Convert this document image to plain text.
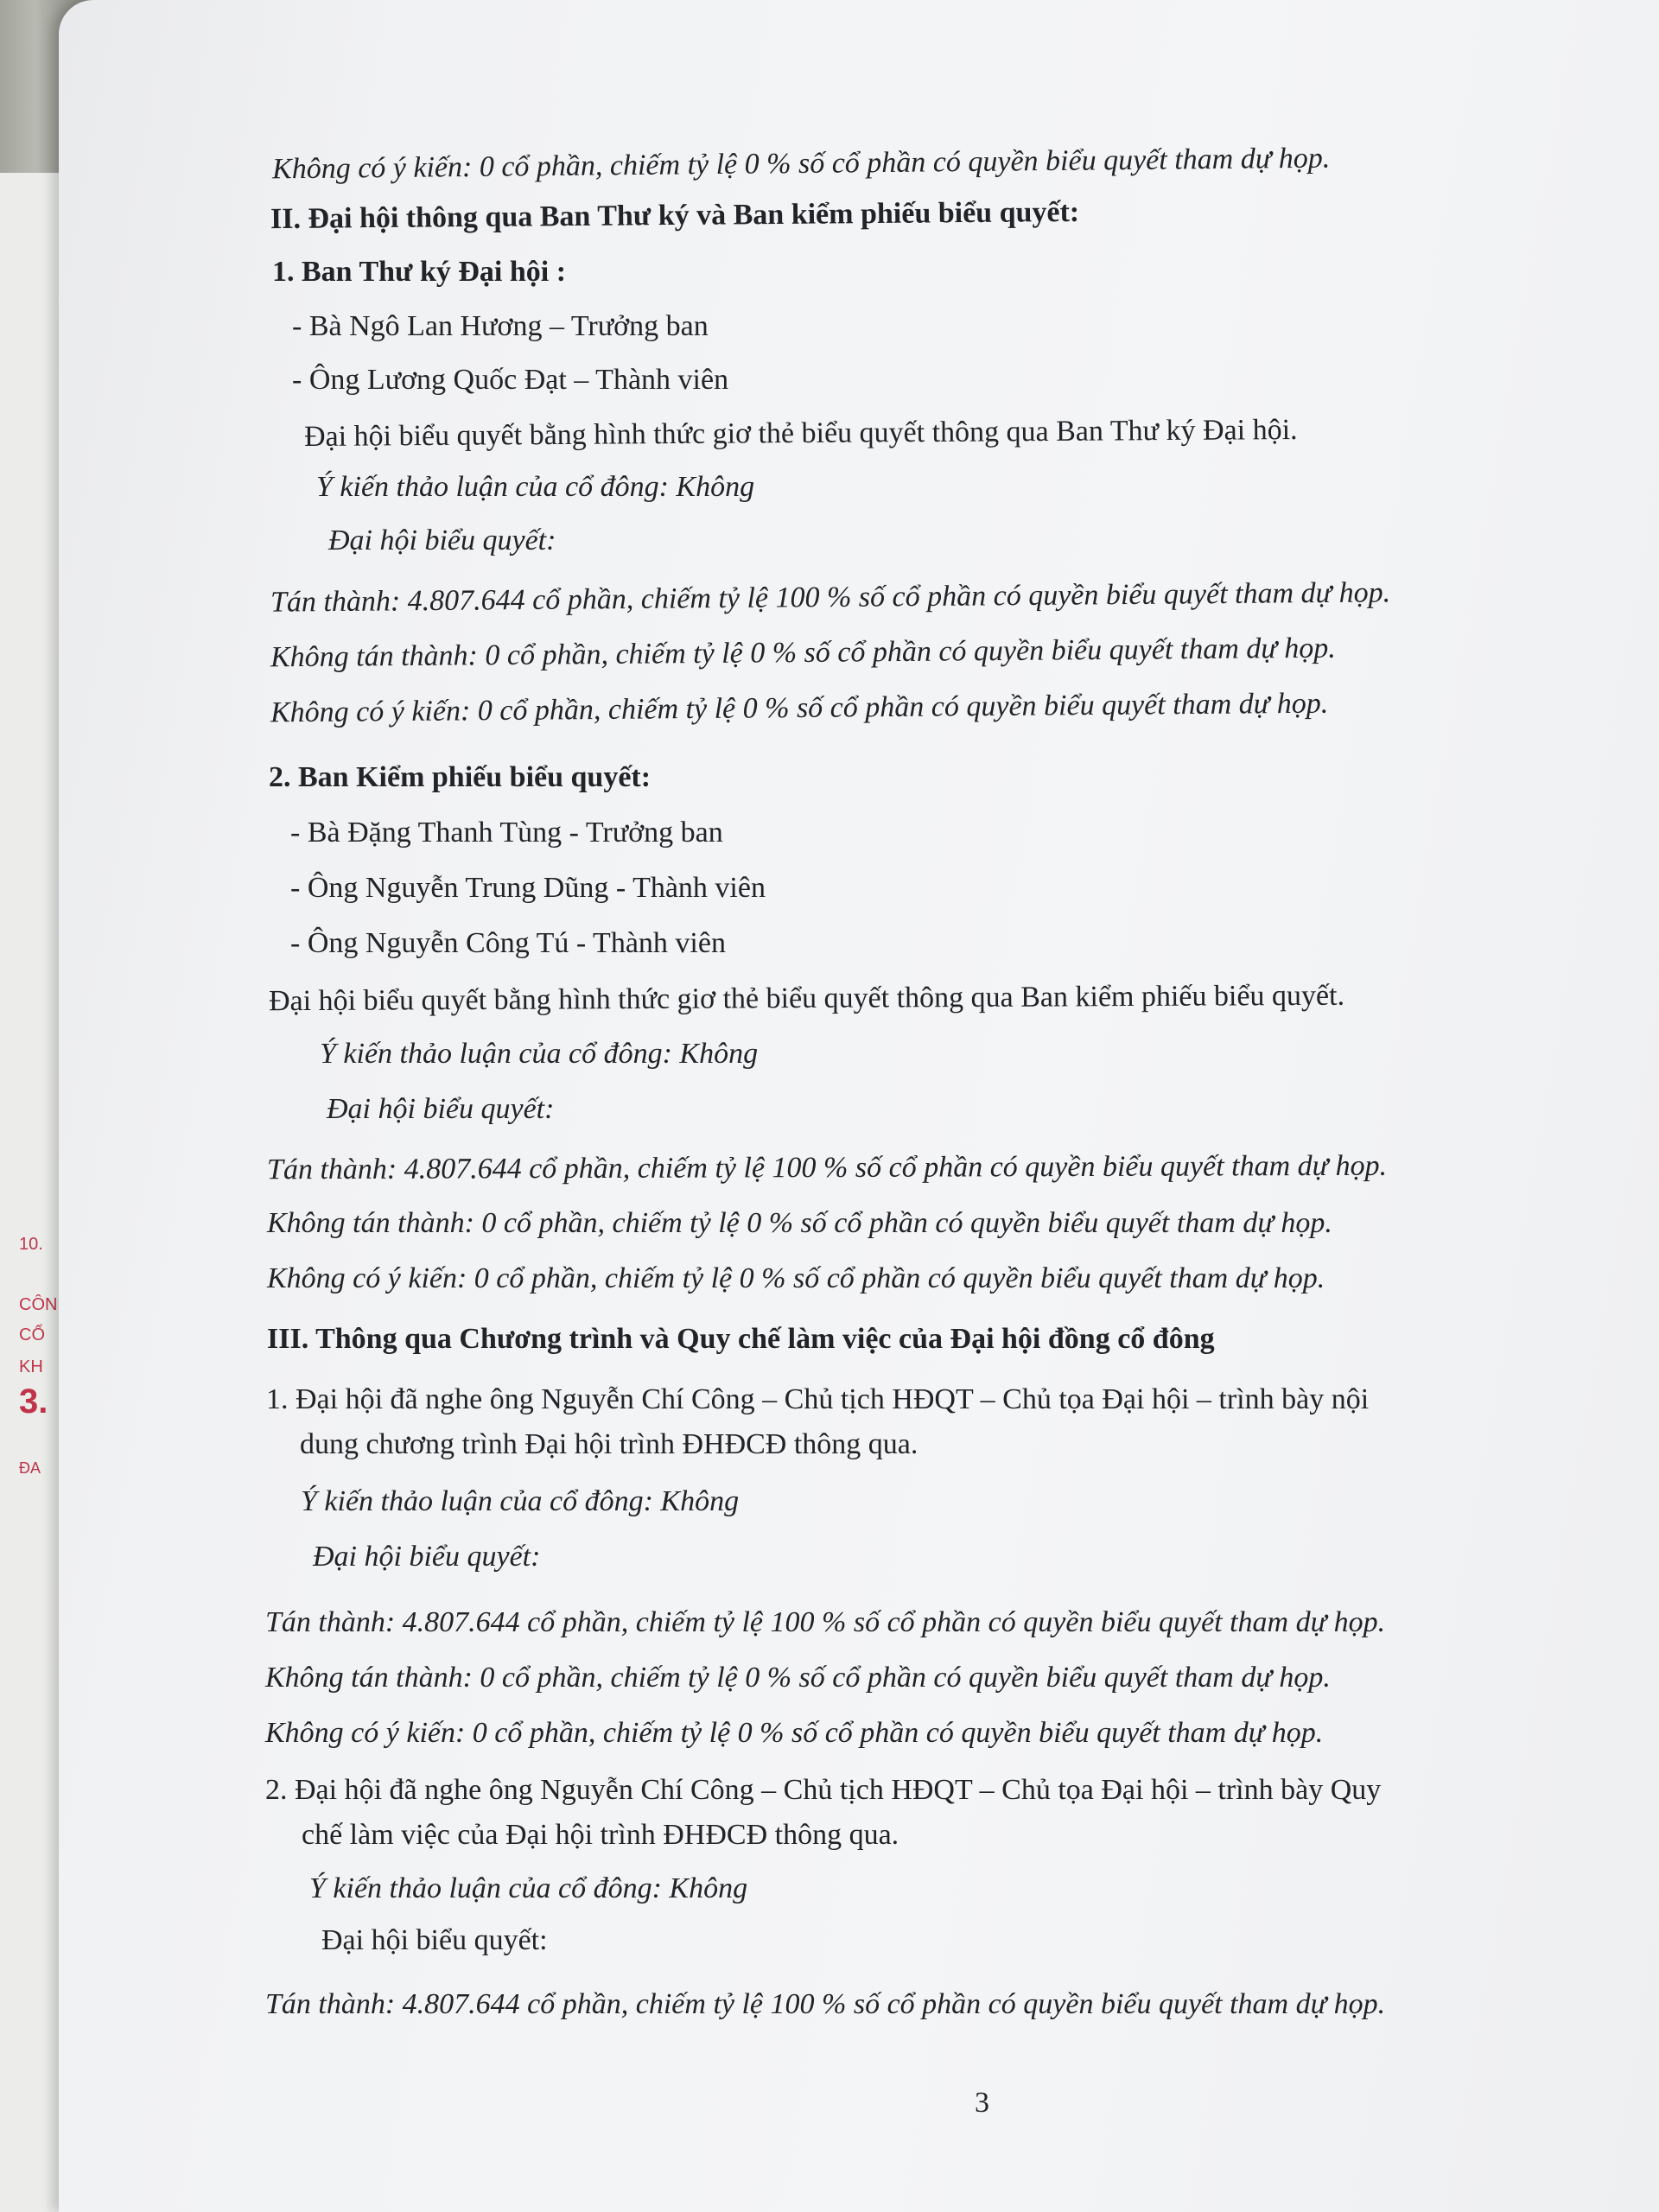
10.
CÔN
CỔ
KH
3.
ĐA
Không có ý kiến: 0 cổ phần, chiếm tỷ lệ 0 % số cổ phần có quyền biểu quyết tham dự họp.
II. Đại hội thông qua Ban Thư ký và Ban kiểm phiếu biểu quyết:
1. Ban Thư ký Đại hội :
- Bà Ngô Lan Hương – Trưởng ban
- Ông Lương Quốc Đạt – Thành viên
Đại hội biểu quyết bằng hình thức giơ thẻ biểu quyết thông qua Ban Thư ký Đại hội.
Ý kiến thảo luận của cổ đông: Không
Đại hội biểu quyết:
Tán thành: 4.807.644 cổ phần, chiếm tỷ lệ 100 % số cổ phần có quyền biểu quyết tham dự họp.
Không tán thành: 0 cổ phần, chiếm tỷ lệ 0 % số cổ phần có quyền biểu quyết tham dự họp.
Không có ý kiến: 0 cổ phần, chiếm tỷ lệ 0 % số cổ phần có quyền biểu quyết tham dự họp.
2. Ban Kiểm phiếu biểu quyết:
- Bà Đặng Thanh Tùng - Trưởng ban
- Ông Nguyễn Trung Dũng - Thành viên
- Ông Nguyễn Công Tú - Thành viên
Đại hội biểu quyết bằng hình thức giơ thẻ biểu quyết thông qua Ban kiểm phiếu biểu quyết.
Ý kiến thảo luận của cổ đông: Không
Đại hội biểu quyết:
Tán thành: 4.807.644 cổ phần, chiếm tỷ lệ 100 % số cổ phần có quyền biểu quyết tham dự họp.
Không tán thành: 0 cổ phần, chiếm tỷ lệ 0 % số cổ phần có quyền biểu quyết tham dự họp.
Không có ý kiến: 0 cổ phần, chiếm tỷ lệ 0 % số cổ phần có quyền biểu quyết tham dự họp.
III. Thông qua Chương trình và Quy chế làm việc của Đại hội đồng cổ đông
1. Đại hội đã nghe ông Nguyễn Chí Công – Chủ tịch HĐQT – Chủ tọa Đại hội – trình bày nội
dung chương trình Đại hội trình ĐHĐCĐ thông qua.
Ý kiến thảo luận của cổ đông: Không
Đại hội biểu quyết:
Tán thành: 4.807.644 cổ phần, chiếm tỷ lệ 100 % số cổ phần có quyền biểu quyết tham dự họp.
Không tán thành: 0 cổ phần, chiếm tỷ lệ 0 % số cổ phần có quyền biểu quyết tham dự họp.
Không có ý kiến: 0 cổ phần, chiếm tỷ lệ 0 % số cổ phần có quyền biểu quyết tham dự họp.
2. Đại hội đã nghe ông Nguyễn Chí Công – Chủ tịch HĐQT – Chủ tọa Đại hội – trình bày Quy
chế làm việc của Đại hội trình ĐHĐCĐ thông qua.
Ý kiến thảo luận của cổ đông: Không
Đại hội biểu quyết:
Tán thành: 4.807.644 cổ phần, chiếm tỷ lệ 100 % số cổ phần có quyền biểu quyết tham dự họp.
3
